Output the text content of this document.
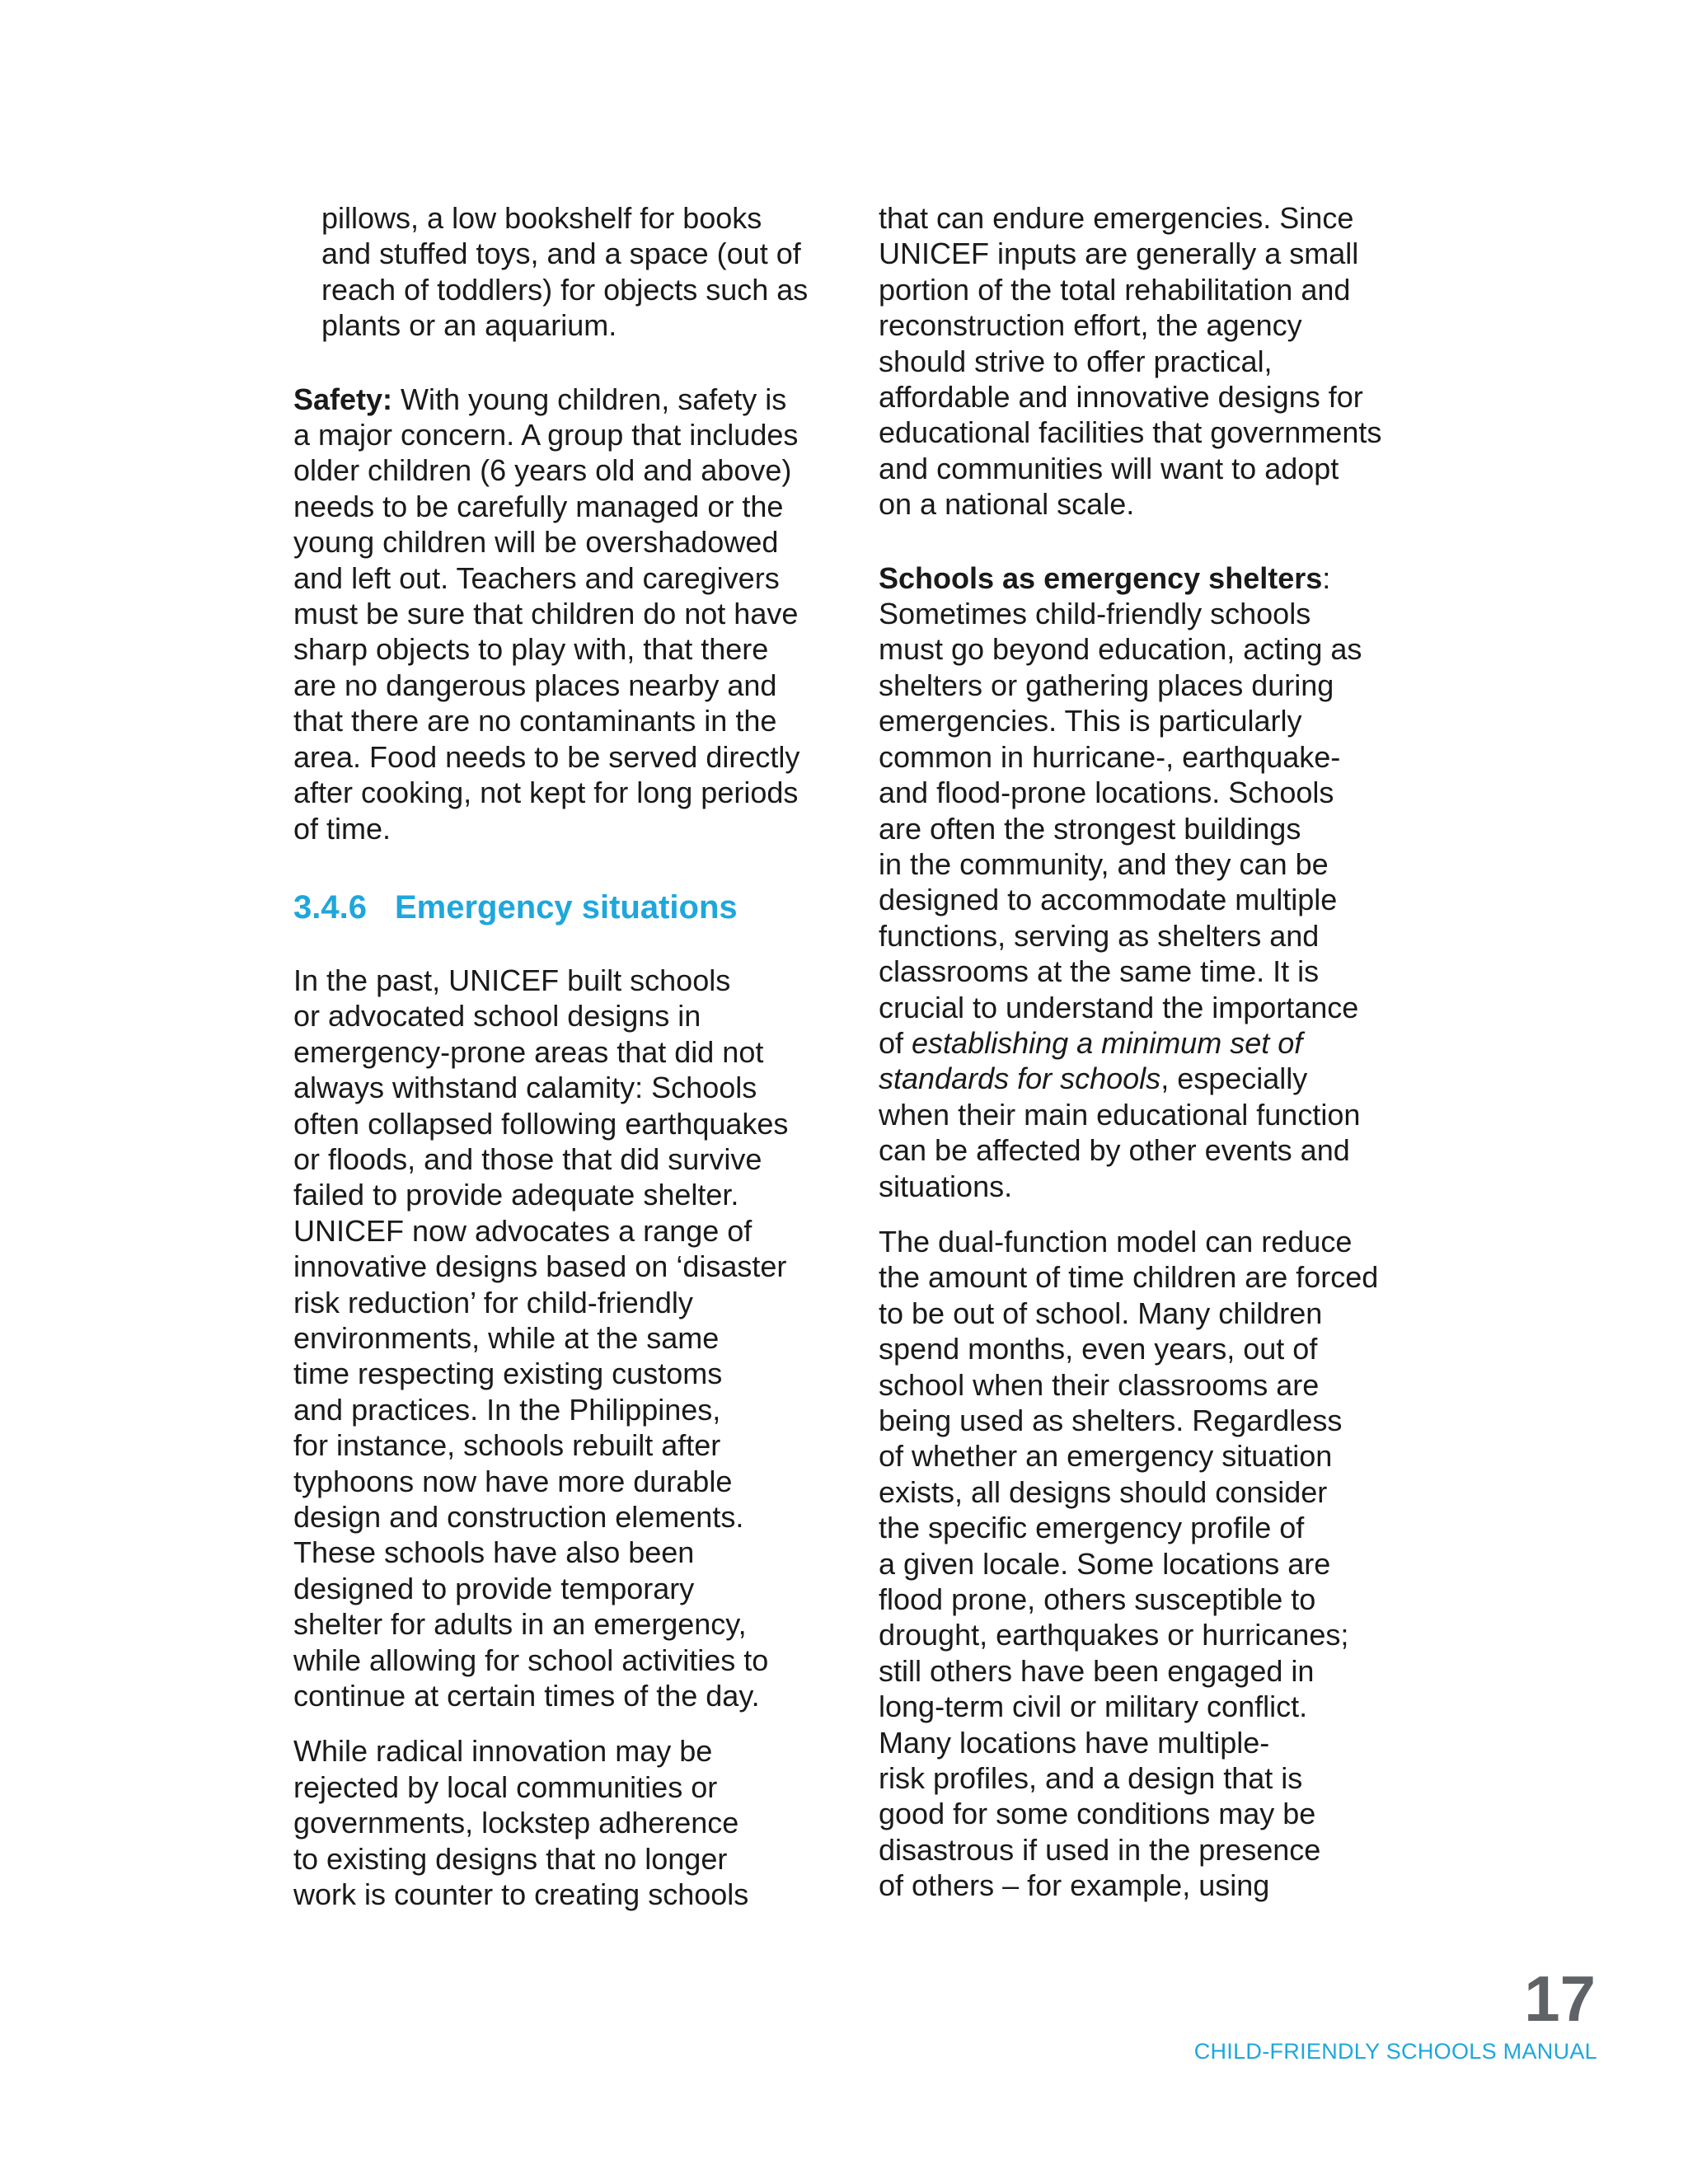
pillows, a low bookshelf for books
and stuffed toys, and a space (out of
reach of toddlers) for objects such as
plants or an aquarium.
Safety: With young children, safety is
a major concern. A group that includes
older children (6 years old and above)
needs to be carefully managed or the
young children will be overshadowed
and left out. Teachers and caregivers
must be sure that children do not have
sharp objects to play with, that there
are no dangerous places nearby and
that there are no contaminants in the
area. Food needs to be served directly
after cooking, not kept for long periods
of time.
3.4.6 Emergency situations
In the past, UNICEF built schools
or advocated school designs in
emergency-prone areas that did not
always withstand calamity: Schools
often collapsed following earthquakes
or floods, and those that did survive
failed to provide adequate shelter.
UNICEF now advocates a range of
innovative designs based on ‘disaster
risk reduction’ for child-friendly
environments, while at the same
time respecting existing customs
and practices. In the Philippines,
for instance, schools rebuilt after
typhoons now have more durable
design and construction elements.
These schools have also been
designed to provide temporary
shelter for adults in an emergency,
while allowing for school activities to
continue at certain times of the day.
While radical innovation may be
rejected by local communities or
governments, lockstep adherence
to existing designs that no longer
work is counter to creating schools
that can endure emergencies. Since
UNICEF inputs are generally a small
portion of the total rehabilitation and
reconstruction effort, the agency
should strive to offer practical,
affordable and innovative designs for
educational facilities that governments
and communities will want to adopt
on a national scale.
Schools as emergency shelters:
Sometimes child-friendly schools
must go beyond education, acting as
shelters or gathering places during
emergencies. This is particularly
common in hurricane-, earthquake-
and flood-prone locations. Schools
are often the strongest buildings
in the community, and they can be
designed to accommodate multiple
functions, serving as shelters and
classrooms at the same time. It is
crucial to understand the importance
of establishing a minimum set of
standards for schools, especially
when their main educational function
can be affected by other events and
situations.
The dual-function model can reduce
the amount of time children are forced
to be out of school. Many children
spend months, even years, out of
school when their classrooms are
being used as shelters. Regardless
of whether an emergency situation
exists, all designs should consider
the specific emergency profile of
a given locale. Some locations are
flood prone, others susceptible to
drought, earthquakes or hurricanes;
still others have been engaged in
long-term civil or military conflict.
Many locations have multiple-
risk profiles, and a design that is
good for some conditions may be
disastrous if used in the presence
of others – for example, using
17
CHILD-FRIENDLY SCHOOLS MANUAL
